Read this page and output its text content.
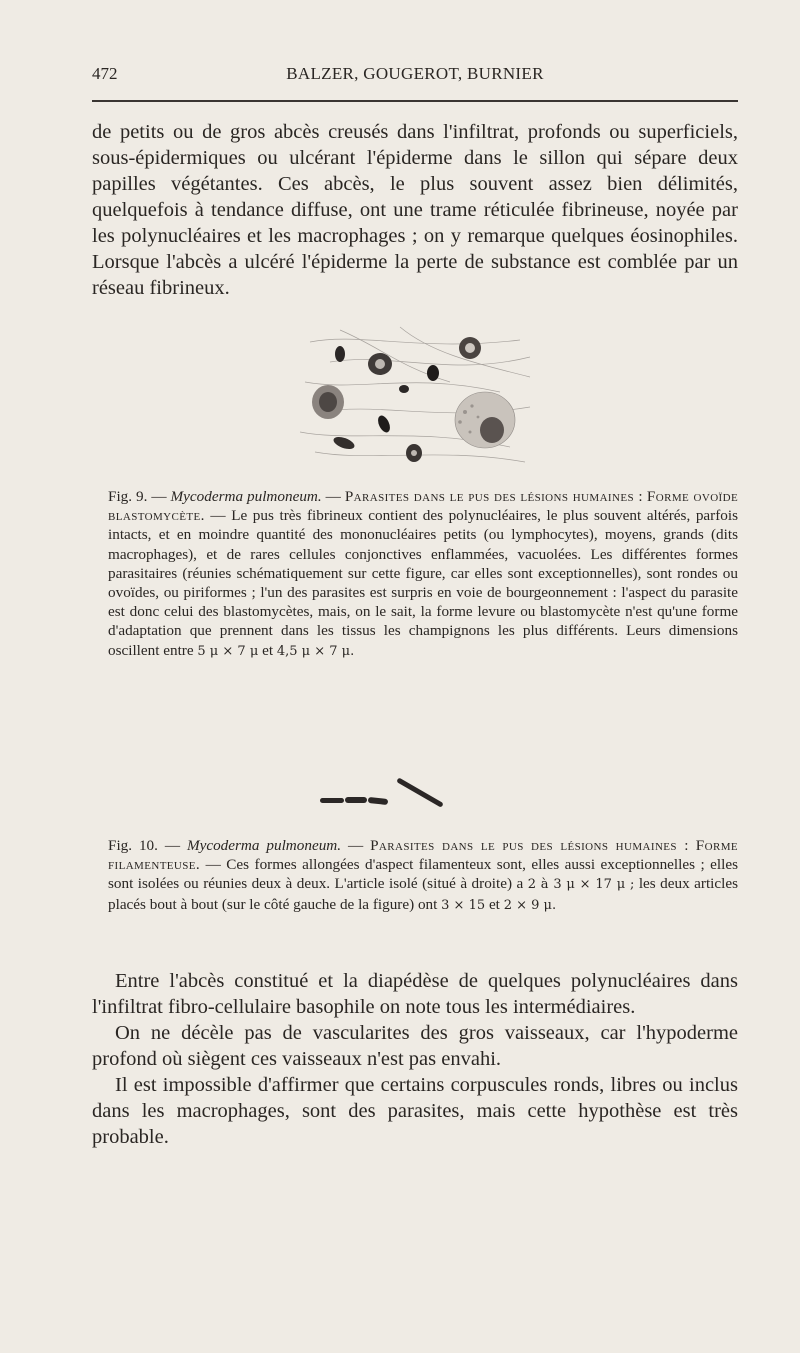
472	BALZER, GOUGEROT, BURNIER

de petits ou de gros abcès creusés dans l'infiltrat, profonds ou superficiels, sous-épidermiques ou ulcérant l'épiderme dans le sillon qui sépare deux papilles végétantes. Ces abcès, le plus souvent assez bien délimités, quelquefois à tendance diffuse, ont une trame réticulée fibrineuse, noyée par les polynucléaires et les macrophages ; on y remarque quelques éosinophiles. Lorsque l'abcès a ulcéré l'épiderme la perte de substance est comblée par un réseau fibrineux.

Fig. 9. — Mycoderma pulmoneum. — Parasites dans le pus des lésions humaines : Forme ovoïde blastomycète. — Le pus très fibrineux contient des polynucléaires, le plus souvent altérés, parfois intacts, et en moindre quantité des mononucléaires petits (ou lymphocytes), moyens, grands (dits macrophages), et de rares cellules conjonctives enflammées, vacuolées. Les différentes formes parasitaires (réunies schématiquement sur cette figure, car elles sont exceptionnelles), sont rondes ou ovoïdes, ou piriformes ; l'un des parasites est surpris en voie de bourgeonnement : l'aspect du parasite est donc celui des blastomycètes, mais, on le sait, la forme levure ou blastomycète n'est qu'une forme d'adaptation que prennent dans les tissus les champignons les plus différents. Leurs dimensions oscillent entre 5 μ × 7 μ et 4,5 μ × 7 μ.
Fig. 10. — Mycoderma pulmoneum. — Parasites dans le pus des lésions humaines : Forme filamenteuse. — Ces formes allongées d'aspect filamenteux sont, elles aussi exceptionnelles ; elles sont isolées ou réunies deux à deux. L'article isolé (situé à droite) a 2 à 3 μ × 17 μ ; les deux articles placés bout à bout (sur le côté gauche de la figure) ont 3 × 15 et 2 × 9 μ.

Entre l'abcès constitué et la diapédèse de quelques polynucléaires dans l'infiltrat fibro-cellulaire basophile on note tous les intermédiaires.

On ne décèle pas de vascularites des gros vaisseaux, car l'hypoderme profond où siègent ces vaisseaux n'est pas envahi.

Il est impossible d'affirmer que certains corpuscules ronds, libres ou inclus dans les macrophages, sont des parasites, mais cette hypothèse est très probable.
